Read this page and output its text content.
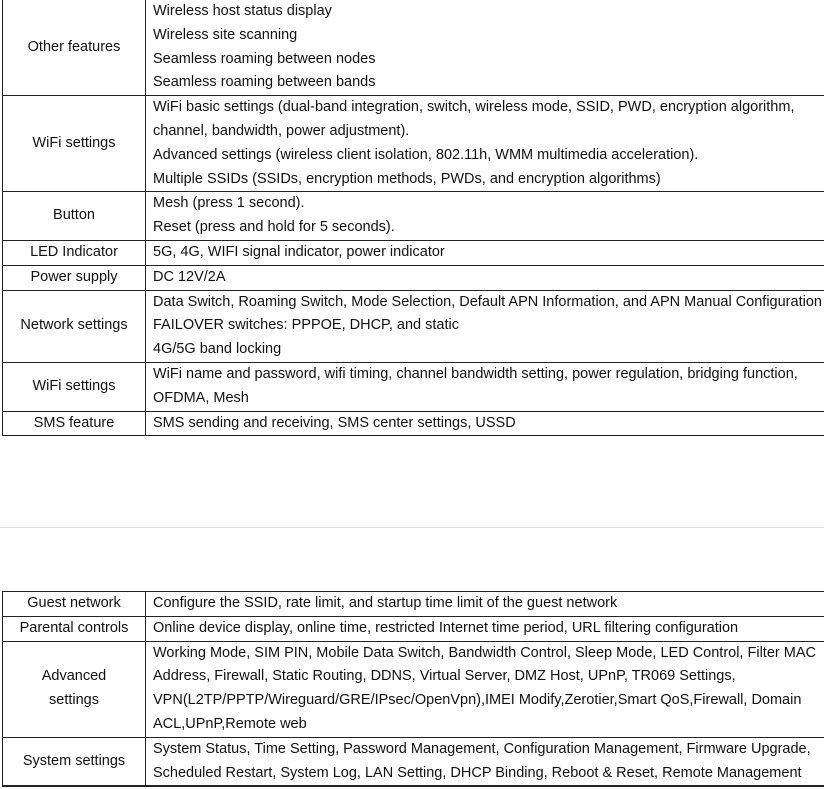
Other features	Wireless host status display
Wireless site scanning
Seamless roaming between nodes
Seamless roaming between bands

WiFi settings	WiFi basic settings (dual-band integration, switch, wireless mode, SSID, PWD, encryption algorithm, channel, bandwidth, power adjustment).
Advanced settings (wireless client isolation, 802.11h, WMM multimedia acceleration).
Multiple SSIDs (SSIDs, encryption methods, PWDs, and encryption algorithms)

Button	Mesh (press 1 second).
Reset (press and hold for 5 seconds).

LED Indicator	5G, 4G, WIFI signal indicator, power indicator

Power supply	DC 12V/2A

Network settings	Data Switch, Roaming Switch, Mode Selection, Default APN Information, and APN Manual Configuration
FAILOVER switches: PPPOE, DHCP, and static
4G/5G band locking

WiFi settings	WiFi name and password, wifi timing, channel bandwidth setting, power regulation, bridging function, OFDMA, Mesh

SMS feature	SMS sending and receiving, SMS center settings, USSD
Guest network	Configure the SSID, rate limit, and startup time limit of the guest network

Parental controls	Online device display, online time, restricted Internet time period, URL filtering configuration

Advanced
settings	Working Mode, SIM PIN, Mobile Data Switch, Bandwidth Control, Sleep Mode, LED Control, Filter MAC Address, Firewall, Static Routing, DDNS, Virtual Server, DMZ Host, UPnP, TR069 Settings, VPN(L2TP/PPTP/Wireguard/GRE/IPsec/OpenVpn),IMEI Modify,Zerotier,Smart QoS,Firewall, Domain ACL,UPnP,Remote web

System settings	System Status, Time Setting, Password Management, Configuration Management, Firmware Upgrade, Scheduled Restart, System Log, LAN Setting, DHCP Binding, Reboot & Reset, Remote Management
